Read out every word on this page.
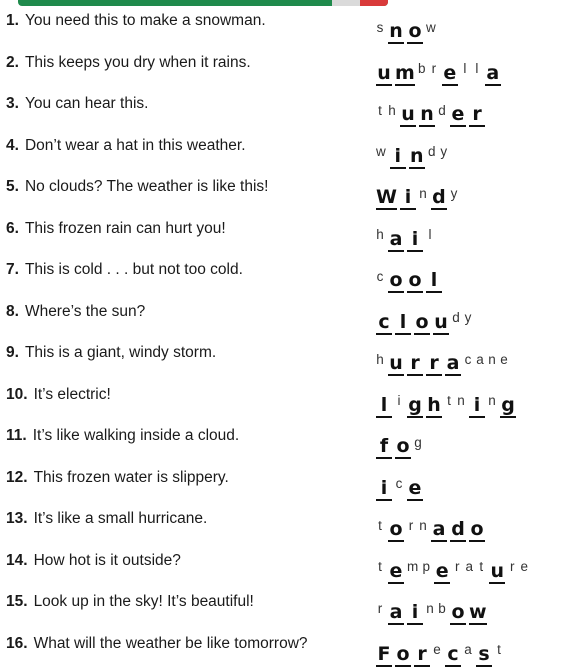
1. You need this to make a snowman.	s n o w
2. This keeps you dry when it rains.	u m b r e l l a
3. You can hear this.	t h u n d e r
4. Don’t wear a hat in this weather.	w i n d y
5. No clouds? The weather is like this!	W i n d y
6. This frozen rain can hurt you!	h a i l
7. This is cold . . . but not too cold.	c o o l
8. Where’s the sun?	c l o u d y
9. This is a giant, windy storm.	h u r r a c a n e
10. It’s electric!	l i g h t n i n g
11. It’s like walking inside a cloud.	f o g
12. This frozen water is slippery.	i c e
13. It’s like a small hurricane.	t o r n a d o
14. How hot is it outside?	t e m p e r a t u r e
15. Look up in the sky! It’s beautiful!	r a i n b o w
16. What will the weather be like tomorrow?	F o r e c a s t
